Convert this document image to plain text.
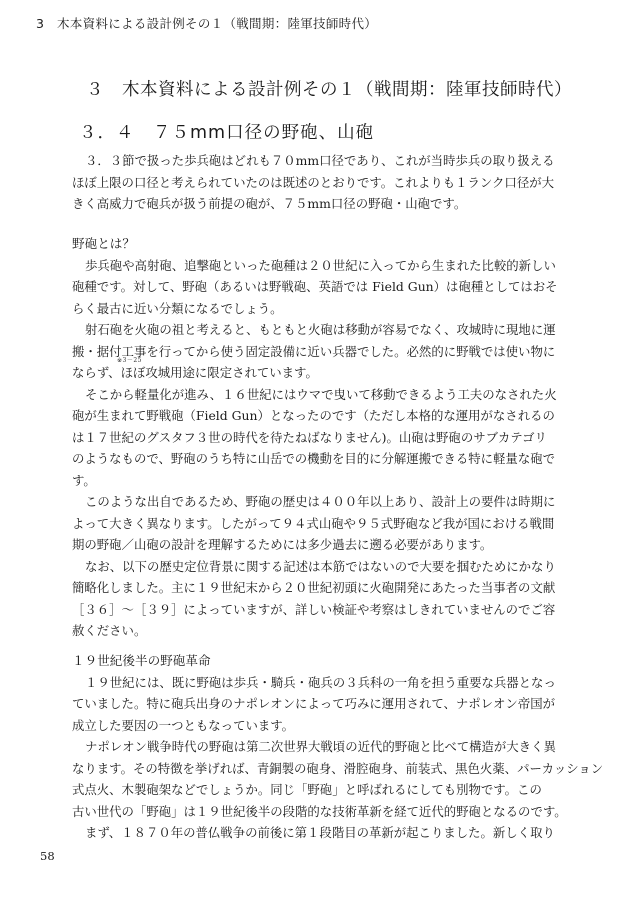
3　木本資料による設計例その１（戦間期：陸軍技師時代）
３　木本資料による設計例その１（戦間期：陸軍技師時代）
３．４　７５mm口径の野砲、山砲
３．３節で扱った歩兵砲はどれも７０mm口径であり、これが当時歩兵の取り扱える
ほぼ上限の口径と考えられていたのは既述のとおりです。これよりも１ランク口径が大
きく高威力で砲兵が扱う前提の砲が、７５mm口径の野砲・山砲です。
野砲とは？
歩兵砲や高射砲、追撃砲といった砲種は２０世紀に入ってから生まれた比較的新しい
砲種です。対して、野砲（あるいは野戦砲、英語では Field Gun）は砲種としてはおそ
らく最古に近い分類になるでしょう。
射石砲を火砲の祖と考えると、もともと火砲は移動が容易でなく、攻城時に現地に運
搬・据付工事を行ってから使う固定設備に近い兵器でした。必然的に野戦では使い物に
ならず、ほぼ攻城用途に限定されています。
そこから軽量化が進み、１６世紀にはウマで曳いて移動できるよう工夫のなされた火
砲が生まれて野戦砲（Field Gun）となったのです（ただし本格的な運用がなされるの
は１７世紀のグスタフ３世の時代を待たねばなりません)。山砲は野砲のサブカテゴリ
のようなもので、野砲のうち特に山岳での機動を目的に分解運搬できる特に軽量な砲で
す。
このような出自であるため、野砲の歴史は４００年以上あり、設計上の要件は時期に
よって大きく異なります。したがって９４式山砲や９５式野砲など我が国における戦間
期の野砲／山砲の設計を理解するためには多少過去に遡る必要があります。
なお、以下の歴史定位背景に関する記述は本筋ではないので大要を掴むためにかなり
簡略化しました。主に１９世紀末から２０世紀初頭に火砲開発にあたった当事者の文献
［３６］～［３９］によっていますが、詳しい検証や考察はしきれていませんのでご容
赦ください。
※3－25
１９世紀後半の野砲革命
１９世紀には、既に野砲は歩兵・騎兵・砲兵の３兵科の一角を担う重要な兵器となっ
ていました。特に砲兵出身のナポレオンによって巧みに運用されて、ナポレオン帝国が
成立した要因の一つともなっています。
ナポレオン戦争時代の野砲は第二次世界大戦頃の近代的野砲と比べて構造が大きく異
なります。その特徴を挙げれば、青銅製の砲身、滑腔砲身、前装式、黒色火薬、パーカッション
式点火、木製砲架などでしょうか。同じ「野砲」と呼ばれるにしても別物です。この
古い世代の「野砲」は１９世紀後半の段階的な技術革新を経て近代的野砲となるのです。
まず、１８７０年の普仏戦争の前後に第１段階目の革新が起こりました。新しく取り
58
